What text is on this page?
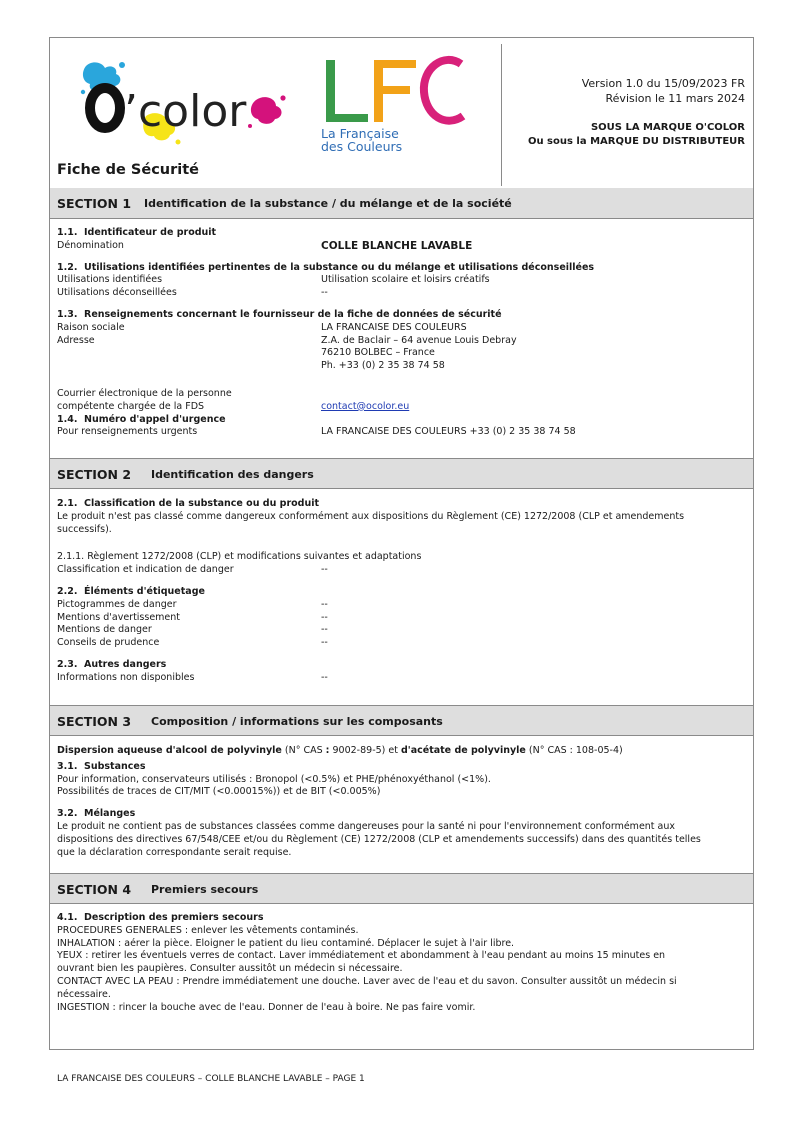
’color	La Française
des Couleurs
Fiche de Sécurité
Version 1.0 du 15/09/2023 FR
Révision le 11 mars 2024
SOUS LA MARQUE O'COLOR
Ou sous la MARQUE DU DISTRIBUTEUR
SECTION 1 Identification de la substance / du mélange et de la société
1.1. Identificateur de produit
Dénomination	COLLE BLANCHE LAVABLE
1.2. Utilisations identifiées pertinentes de la substance ou du mélange et utilisations déconseillées
Utilisations identifiées	Utilisation scolaire et loisirs créatifs
Utilisations déconseillées	--
1.3. Renseignements concernant le fournisseur de la fiche de données de sécurité
Raison sociale	LA FRANCAISE DES COULEURS
Adresse	Z.A. de Baclair – 64 avenue Louis Debray
76210 BOLBEC – France
Ph. +33 (0) 2 35 38 74 58
Courrier électronique de la personne
compétente chargée de la FDS	contact@ocolor.eu
1.4. Numéro d'appel d'urgence
Pour renseignements urgents	LA FRANCAISE DES COULEURS +33 (0) 2 35 38 74 58
SECTION 2 Identification des dangers
2.1. Classification de la substance ou du produit
Le produit n'est pas classé comme dangereux conformément aux dispositions du Règlement (CE) 1272/2008 (CLP et amendements
successifs).
2.1.1. Règlement 1272/2008 (CLP) et modifications suivantes et adaptations
Classification et indication de danger	--
2.2. Éléments d'étiquetage
Pictogrammes de danger	--
Mentions d'avertissement	--
Mentions de danger	--
Conseils de prudence	--
2.3. Autres dangers
Informations non disponibles	--
SECTION 3 Composition / informations sur les composants
Dispersion aqueuse d'alcool de polyvinyle (N° CAS : 9002-89-5) et d'acétate de polyvinyle (N° CAS : 108-05-4)
3.1. Substances
Pour information, conservateurs utilisés : Bronopol (<0.5%) et PHE/phénoxyéthanol (<1%).
Possibilités de traces de CIT/MIT (<0.00015%)) et de BIT (<0.005%)
3.2. Mélanges
Le produit ne contient pas de substances classées comme dangereuses pour la santé ni pour l'environnement conformément aux
dispositions des directives 67/548/CEE et/ou du Règlement (CE) 1272/2008 (CLP et amendements successifs) dans des quantités telles
que la déclaration correspondante serait requise.
SECTION 4 Premiers secours
4.1. Description des premiers secours
PROCEDURES GENERALES : enlever les vêtements contaminés.
INHALATION : aérer la pièce. Eloigner le patient du lieu contaminé. Déplacer le sujet à l'air libre.
YEUX : retirer les éventuels verres de contact. Laver immédiatement et abondamment à l'eau pendant au moins 15 minutes en
ouvrant bien les paupières. Consulter aussitôt un médecin si nécessaire.
CONTACT AVEC LA PEAU : Prendre immédiatement une douche. Laver avec de l'eau et du savon. Consulter aussitôt un médecin si
nécessaire.
INGESTION : rincer la bouche avec de l'eau. Donner de l'eau à boire. Ne pas faire vomir.
LA FRANCAISE DES COULEURS – COLLE BLANCHE LAVABLE – PAGE 1
